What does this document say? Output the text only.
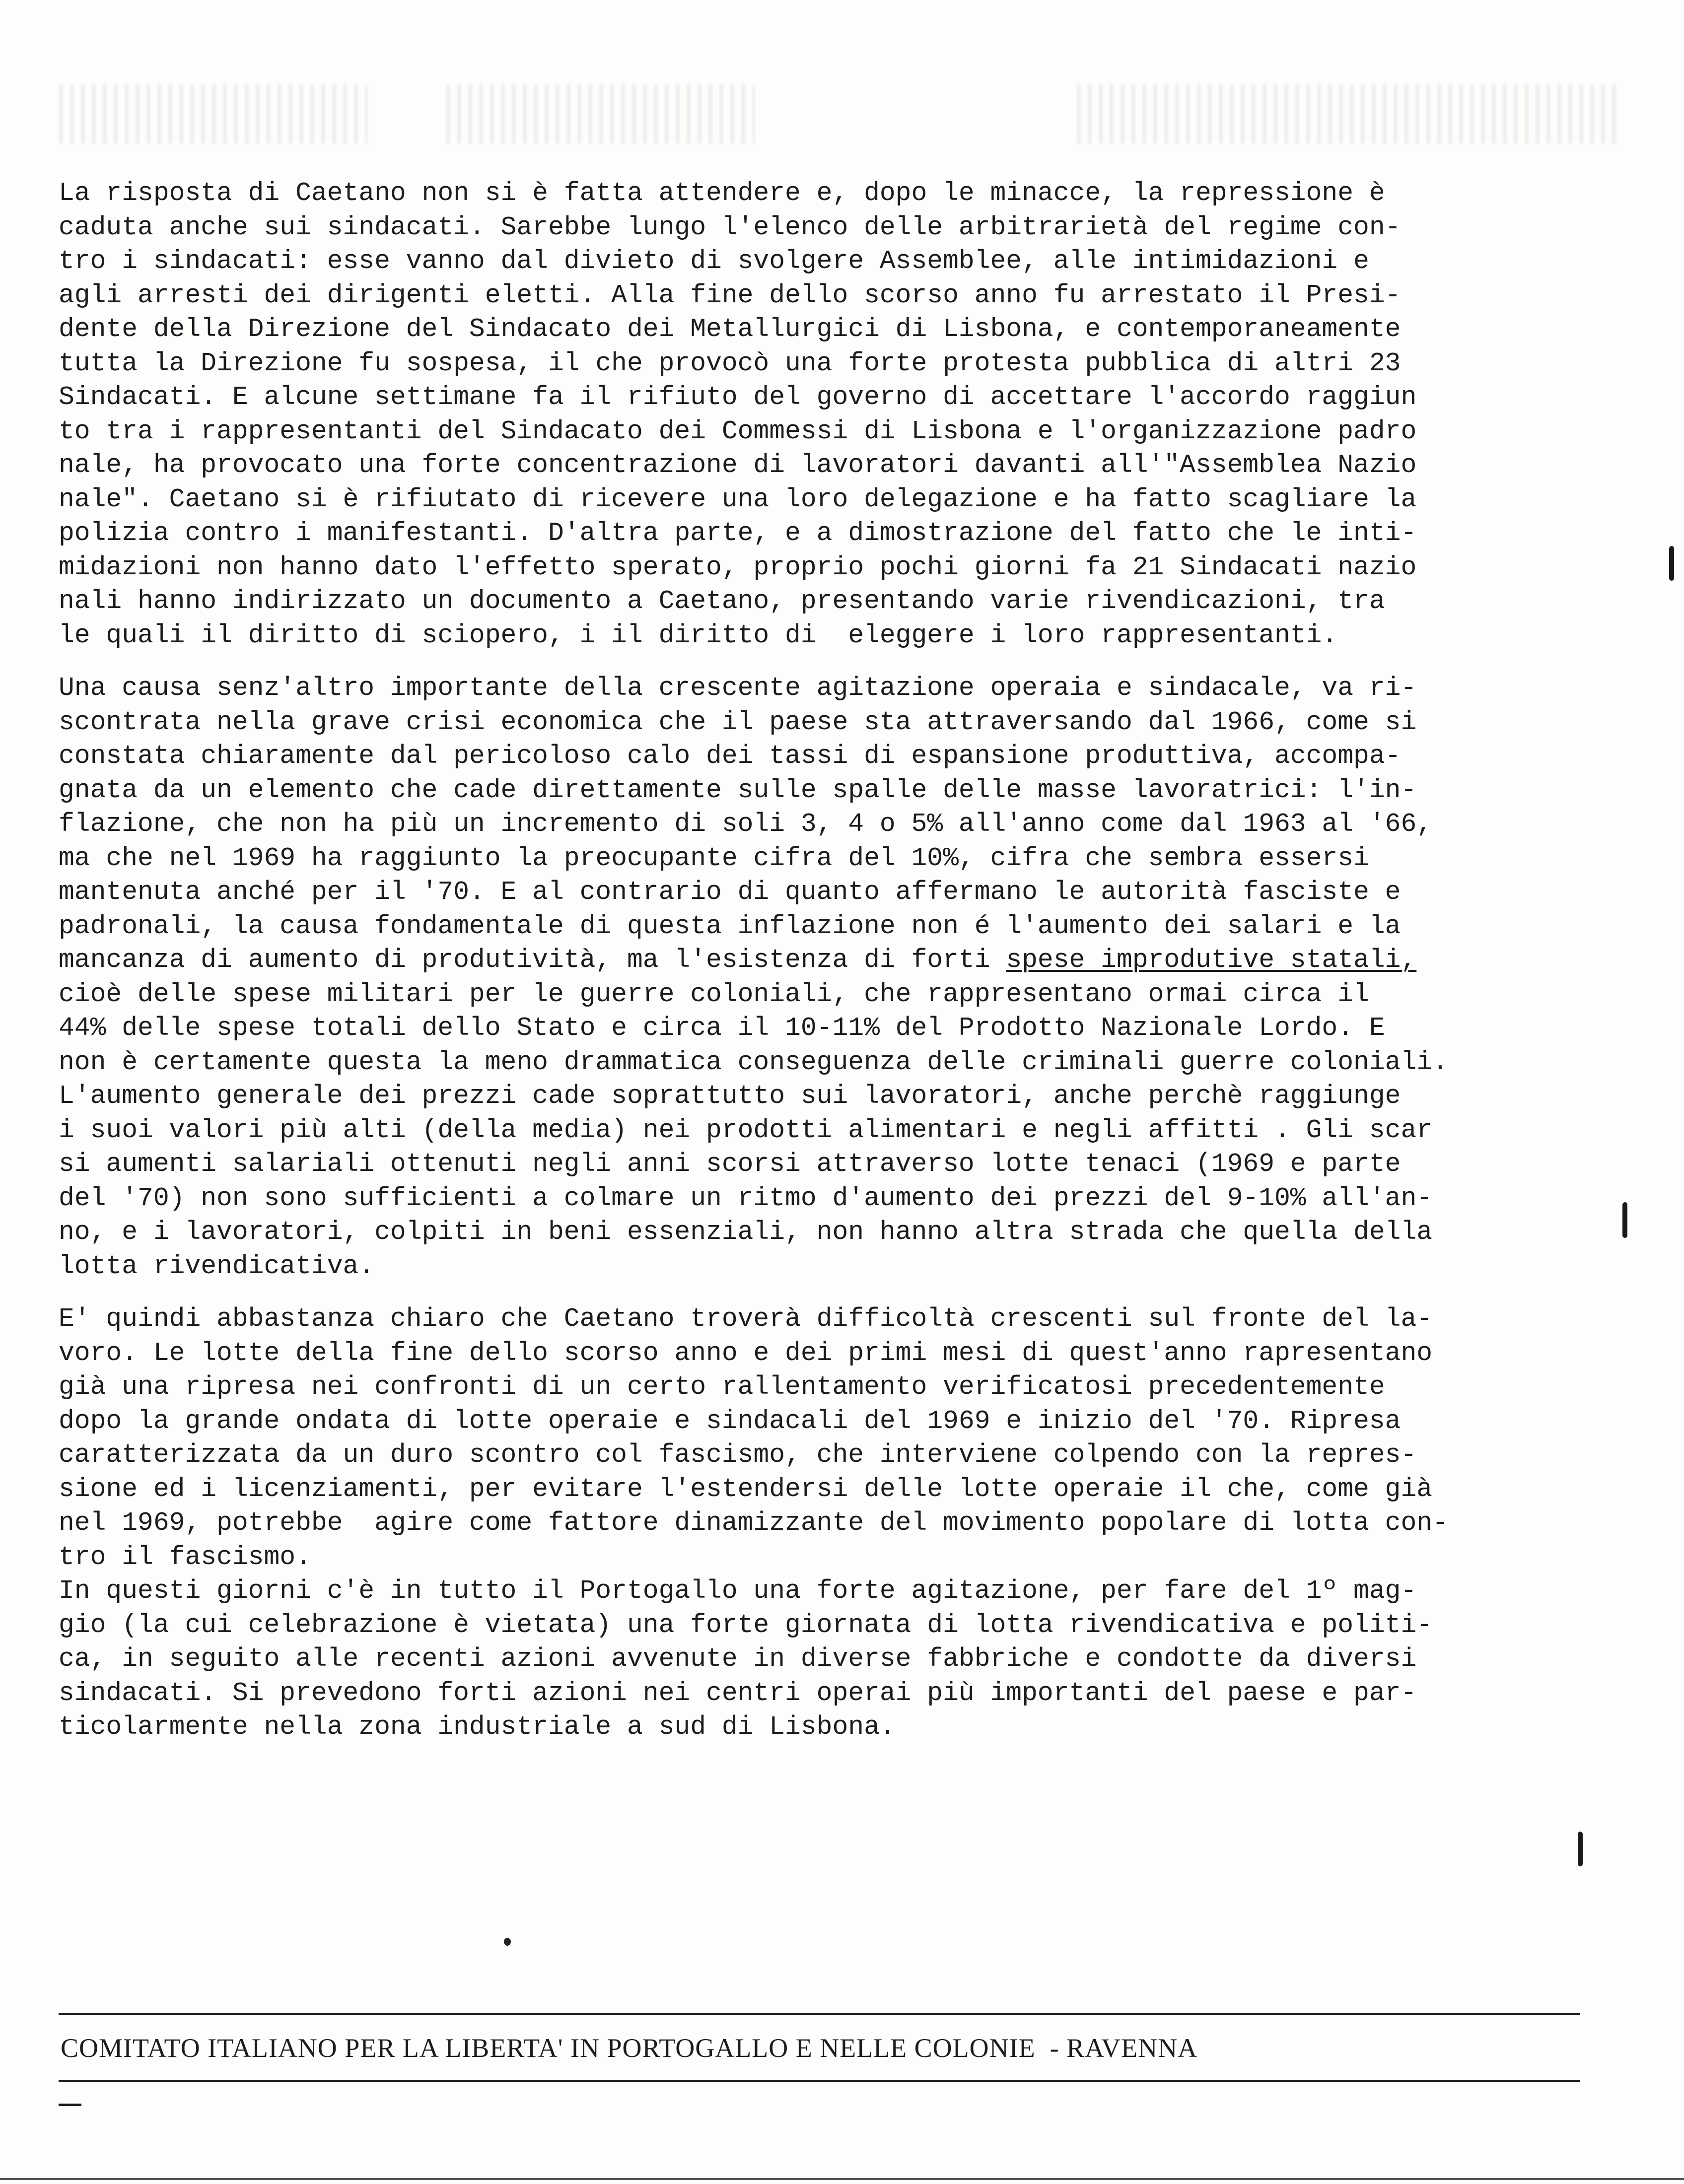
La risposta di Caetano non si è fatta attendere e, dopo le minacce, la repressione è
caduta anche sui sindacati. Sarebbe lungo l'elenco delle arbitrarietà del regime con-
tro i sindacati: esse vanno dal divieto di svolgere Assemblee, alle intimidazioni e
agli arresti dei dirigenti eletti. Alla fine dello scorso anno fu arrestato il Presi-
dente della Direzione del Sindacato dei Metallurgici di Lisbona, e contemporaneamente
tutta la Direzione fu sospesa, il che provocò una forte protesta pubblica di altri 23
Sindacati. E alcune settimane fa il rifiuto del governo di accettare l'accordo raggiun
to tra i rappresentanti del Sindacato dei Commessi di Lisbona e l'organizzazione padro
nale, ha provocato una forte concentrazione di lavoratori davanti all'"Assemblea Nazio
nale". Caetano si è rifiutato di ricevere una loro delegazione e ha fatto scagliare la
polizia contro i manifestanti. D'altra parte, e a dimostrazione del fatto che le inti-
midazioni non hanno dato l'effetto sperato, proprio pochi giorni fa 21 Sindacati nazio
nali hanno indirizzato un documento a Caetano, presentando varie rivendicazioni, tra
le quali il diritto di sciopero, i il diritto di  eleggere i loro rappresentanti.
Una causa senz'altro importante della crescente agitazione operaia e sindacale, va ri-
scontrata nella grave crisi economica che il paese sta attraversando dal 1966, come si
constata chiaramente dal pericoloso calo dei tassi di espansione produttiva, accompa-
gnata da un elemento che cade direttamente sulle spalle delle masse lavoratrici: l'in-
flazione, che non ha più un incremento di soli 3, 4 o 5% all'anno come dal 1963 al '66,
ma che nel 1969 ha raggiunto la preocupante cifra del 10%, cifra che sembra essersi
mantenuta anché per il '70. E al contrario di quanto affermano le autorità fasciste e
padronali, la causa fondamentale di questa inflazione non é l'aumento dei salari e la
mancanza di aumento di produtività, ma l'esistenza di forti spese improdutive statali,
cioè delle spese militari per le guerre coloniali, che rappresentano ormai circa il
44% delle spese totali dello Stato e circa il 10-11% del Prodotto Nazionale Lordo. E
non è certamente questa la meno drammatica conseguenza delle criminali guerre coloniali.
L'aumento generale dei prezzi cade soprattutto sui lavoratori, anche perchè raggiunge
i suoi valori più alti (della media) nei prodotti alimentari e negli affitti . Gli scar
si aumenti salariali ottenuti negli anni scorsi attraverso lotte tenaci (1969 e parte
del '70) non sono sufficienti a colmare un ritmo d'aumento dei prezzi del 9-10% all'an-
no, e i lavoratori, colpiti in beni essenziali, non hanno altra strada che quella della
lotta rivendicativa.
E' quindi abbastanza chiaro che Caetano troverà difficoltà crescenti sul fronte del la-
voro. Le lotte della fine dello scorso anno e dei primi mesi di quest'anno rapresentano
già una ripresa nei confronti di un certo rallentamento verificatosi precedentemente
dopo la grande ondata di lotte operaie e sindacali del 1969 e inizio del '70. Ripresa
caratterizzata da un duro scontro col fascismo, che interviene colpendo con la repres-
sione ed i licenziamenti, per evitare l'estendersi delle lotte operaie il che, come già
nel 1969, potrebbe  agire come fattore dinamizzante del movimento popolare di lotta con-
tro il fascismo.
In questi giorni c'è in tutto il Portogallo una forte agitazione, per fare del 1º mag-
gio (la cui celebrazione è vietata) una forte giornata di lotta rivendicativa e politi-
ca, in seguito alle recenti azioni avvenute in diverse fabbriche e condotte da diversi
sindacati. Si prevedono forti azioni nei centri operai più importanti del paese e par-
ticolarmente nella zona industriale a sud di Lisbona.
COMITATO ITALIANO PER LA LIBERTA' IN PORTOGALLO E NELLE COLONIE  - RAVENNA
